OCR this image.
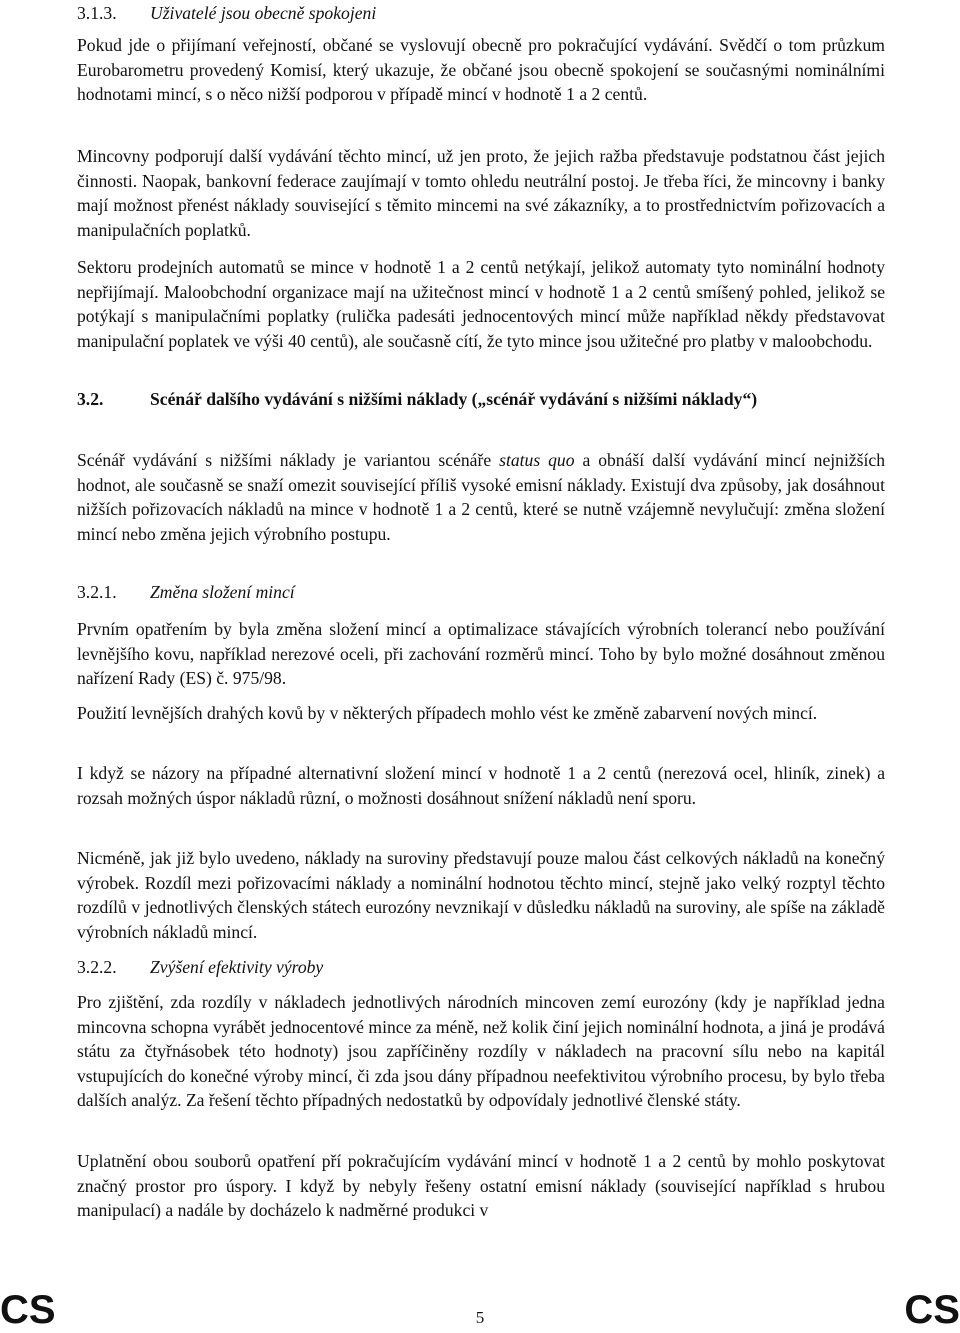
3.1.3. Uživatelé jsou obecně spokojeni

Pokud jde o přijímaní veřejností, občané se vyslovují obecně pro pokračující vydávání. Svědčí o tom průzkum Eurobarometru provedený Komisí, který ukazuje, že občané jsou obecně spokojení se současnými nominálními hodnotami mincí, s o něco nižší podporou v případě mincí v hodnotě 1 a 2 centů.

Mincovny podporují další vydávání těchto mincí, už jen proto, že jejich ražba představuje podstatnou část jejich činnosti. Naopak, bankovní federace zaujímají v tomto ohledu neutrální postoj. Je třeba říci, že mincovny i banky mají možnost přenést náklady související s těmito mincemi na své zákazníky, a to prostřednictvím pořizovacích a manipulačních poplatků.

Sektoru prodejních automatů se mince v hodnotě 1 a 2 centů netýkají, jelikož automaty tyto nominální hodnoty nepřijímají. Maloobchodní organizace mají na užitečnost mincí v hodnotě 1 a 2 centů smíšený pohled, jelikož se potýkají s manipulačními poplatky (rulička padesáti jednocentových mincí může například někdy představovat manipulační poplatek ve výši 40 centů), ale současně cítí, že tyto mince jsou užitečné pro platby v maloobchodu.

3.2.	Scénář dalšího vydávání s nižšími náklady („scénář vydávání s nižšími náklady“)

Scénář vydávání s nižšími náklady je variantou scénáře status quo a obnáší další vydávání mincí nejnižších hodnot, ale současně se snaží omezit související příliš vysoké emisní náklady. Existují dva způsoby, jak dosáhnout nižších pořizovacích nákladů na mince v hodnotě 1 a 2 centů, které se nutně vzájemně nevylučují: změna složení mincí nebo změna jejich výrobního postupu.

3.2.1. Změna složení mincí

Prvním opatřením by byla změna složení mincí a optimalizace stávajících výrobních tolerancí nebo používání levnějšího kovu, například nerezové oceli, při zachování rozměrů mincí. Toho by bylo možné dosáhnout změnou nařízení Rady (ES) č. 975/98.

Použití levnějších drahých kovů by v některých případech mohlo vést ke změně zabarvení nových mincí.

I když se názory na případné alternativní složení mincí v hodnotě 1 a 2 centů (nerezová ocel, hliník, zinek) a rozsah možných úspor nákladů různí, o možnosti dosáhnout snížení nákladů není sporu.

Nicméně, jak již bylo uvedeno, náklady na suroviny představují pouze malou část celkových nákladů na konečný výrobek. Rozdíl mezi pořizovacími náklady a nominální hodnotou těchto mincí, stejně jako velký rozptyl těchto rozdílů v jednotlivých členských státech eurozóny nevznikají v důsledku nákladů na suroviny, ale spíše na základě výrobních nákladů mincí.

3.2.2. Zvýšení efektivity výroby

Pro zjištění, zda rozdíly v nákladech jednotlivých národních mincoven zemí eurozóny (kdy je například jedna mincovna schopna vyrábět jednocentové mince za méně, než kolik činí jejich nominální hodnota, a jiná je prodává státu za čtyřnásobek této hodnoty) jsou zapříčiněny rozdíly v nákladech na pracovní sílu nebo na kapitál vstupujících do konečné výroby mincí, či zda jsou dány případnou neefektivitou výrobního procesu, by bylo třeba dalších analýz. Za řešení těchto případných nedostatků by odpovídaly jednotlivé členské státy.

Uplatnění obou souborů opatření pří pokračujícím vydávání mincí v hodnotě 1 a 2 centů by mohlo poskytovat značný prostor pro úspory. I když by nebyly řešeny ostatní emisní náklady (související například s hrubou manipulací) a nadále by docházelo k nadměrné produkci v

CS	5	CS
